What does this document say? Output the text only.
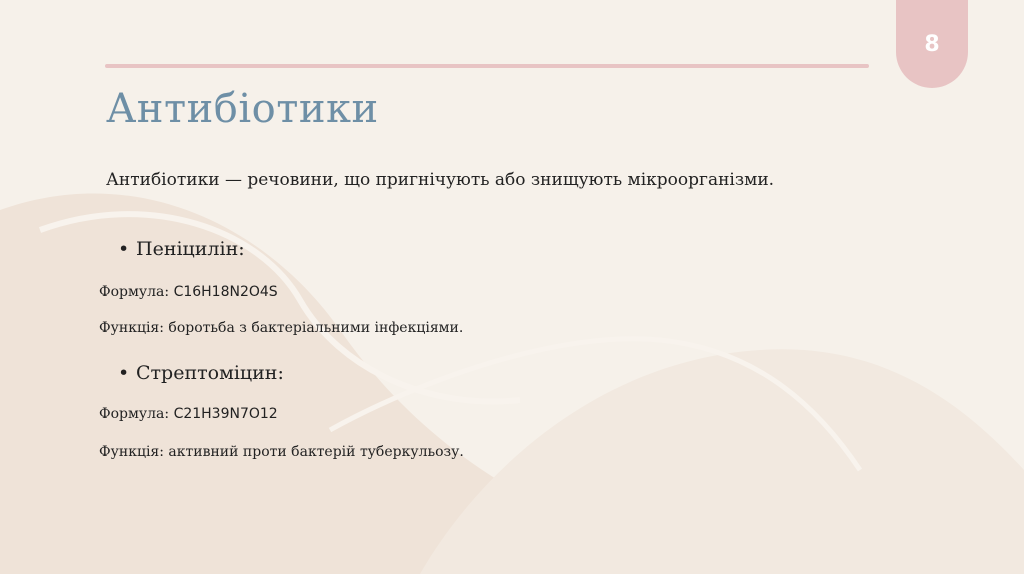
8
Антибіотики
Антибіотики — речовини, що пригнічують або знищують мікроорганізми.
• Пеніцилін:
Формула: C16H18N2O4S
Функція: боротьба з бактеріальними інфекціями.
• Стрептоміцин:
Формула: C21H39N7O12
Функція: активний проти бактерій туберкульозу.
